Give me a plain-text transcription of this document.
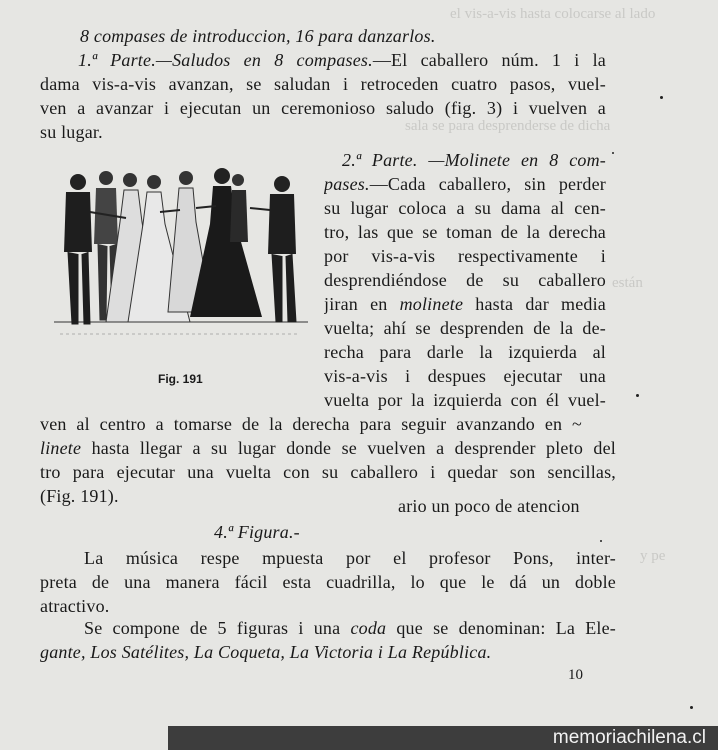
el vis-a-vis hasta colocarse al lado
sala se para desprenderse de dicha
están
y pe
8 compases de introduccion, 16 para danzarlos.
1.ª Parte.—Saludos en 8 compases.—El caballero núm. 1 i la
dama vis-a-vis avanzan, se saludan i retroceden cuatro pasos, vuel-
ven a avanzar i ejecutan un ceremonioso saludo (fig. 3) i vuelven a
su lugar.
Fig. 191
2.ª Parte. —Molinete en 8 com-
pases.—Cada caballero, sin perder
su lugar coloca a su dama al cen-
tro, las que se toman de la derecha
por vis-a-vis respectivamente i
desprendiéndose de su caballero
jiran en molinete hasta dar media
vuelta; ahí se desprenden de la de-
recha para darle la izquierda al
vis-a-vis i despues ejecutar una
vuelta por la izquierda con él vuel-
ven al centro a tomarse de la derecha para seguir avanzando en ~
linete hasta llegar a su lugar donde se vuelven a desprender pleto del
tro para ejecutar una vuelta con su caballero i quedar son sencillas,
(Fig. 191).	ario un poco de atencion
4.ª Figura.-
La música respe mpuesta por el profesor Pons, inter-
preta de una manera fácil esta cuadrilla, lo que le dá un doble
atractivo.
Se compone de 5 figuras i una coda que se denominan: La Ele-
gante, Los Satélites, La Coqueta, La Victoria i La República.
10
memoriachilena.cl
